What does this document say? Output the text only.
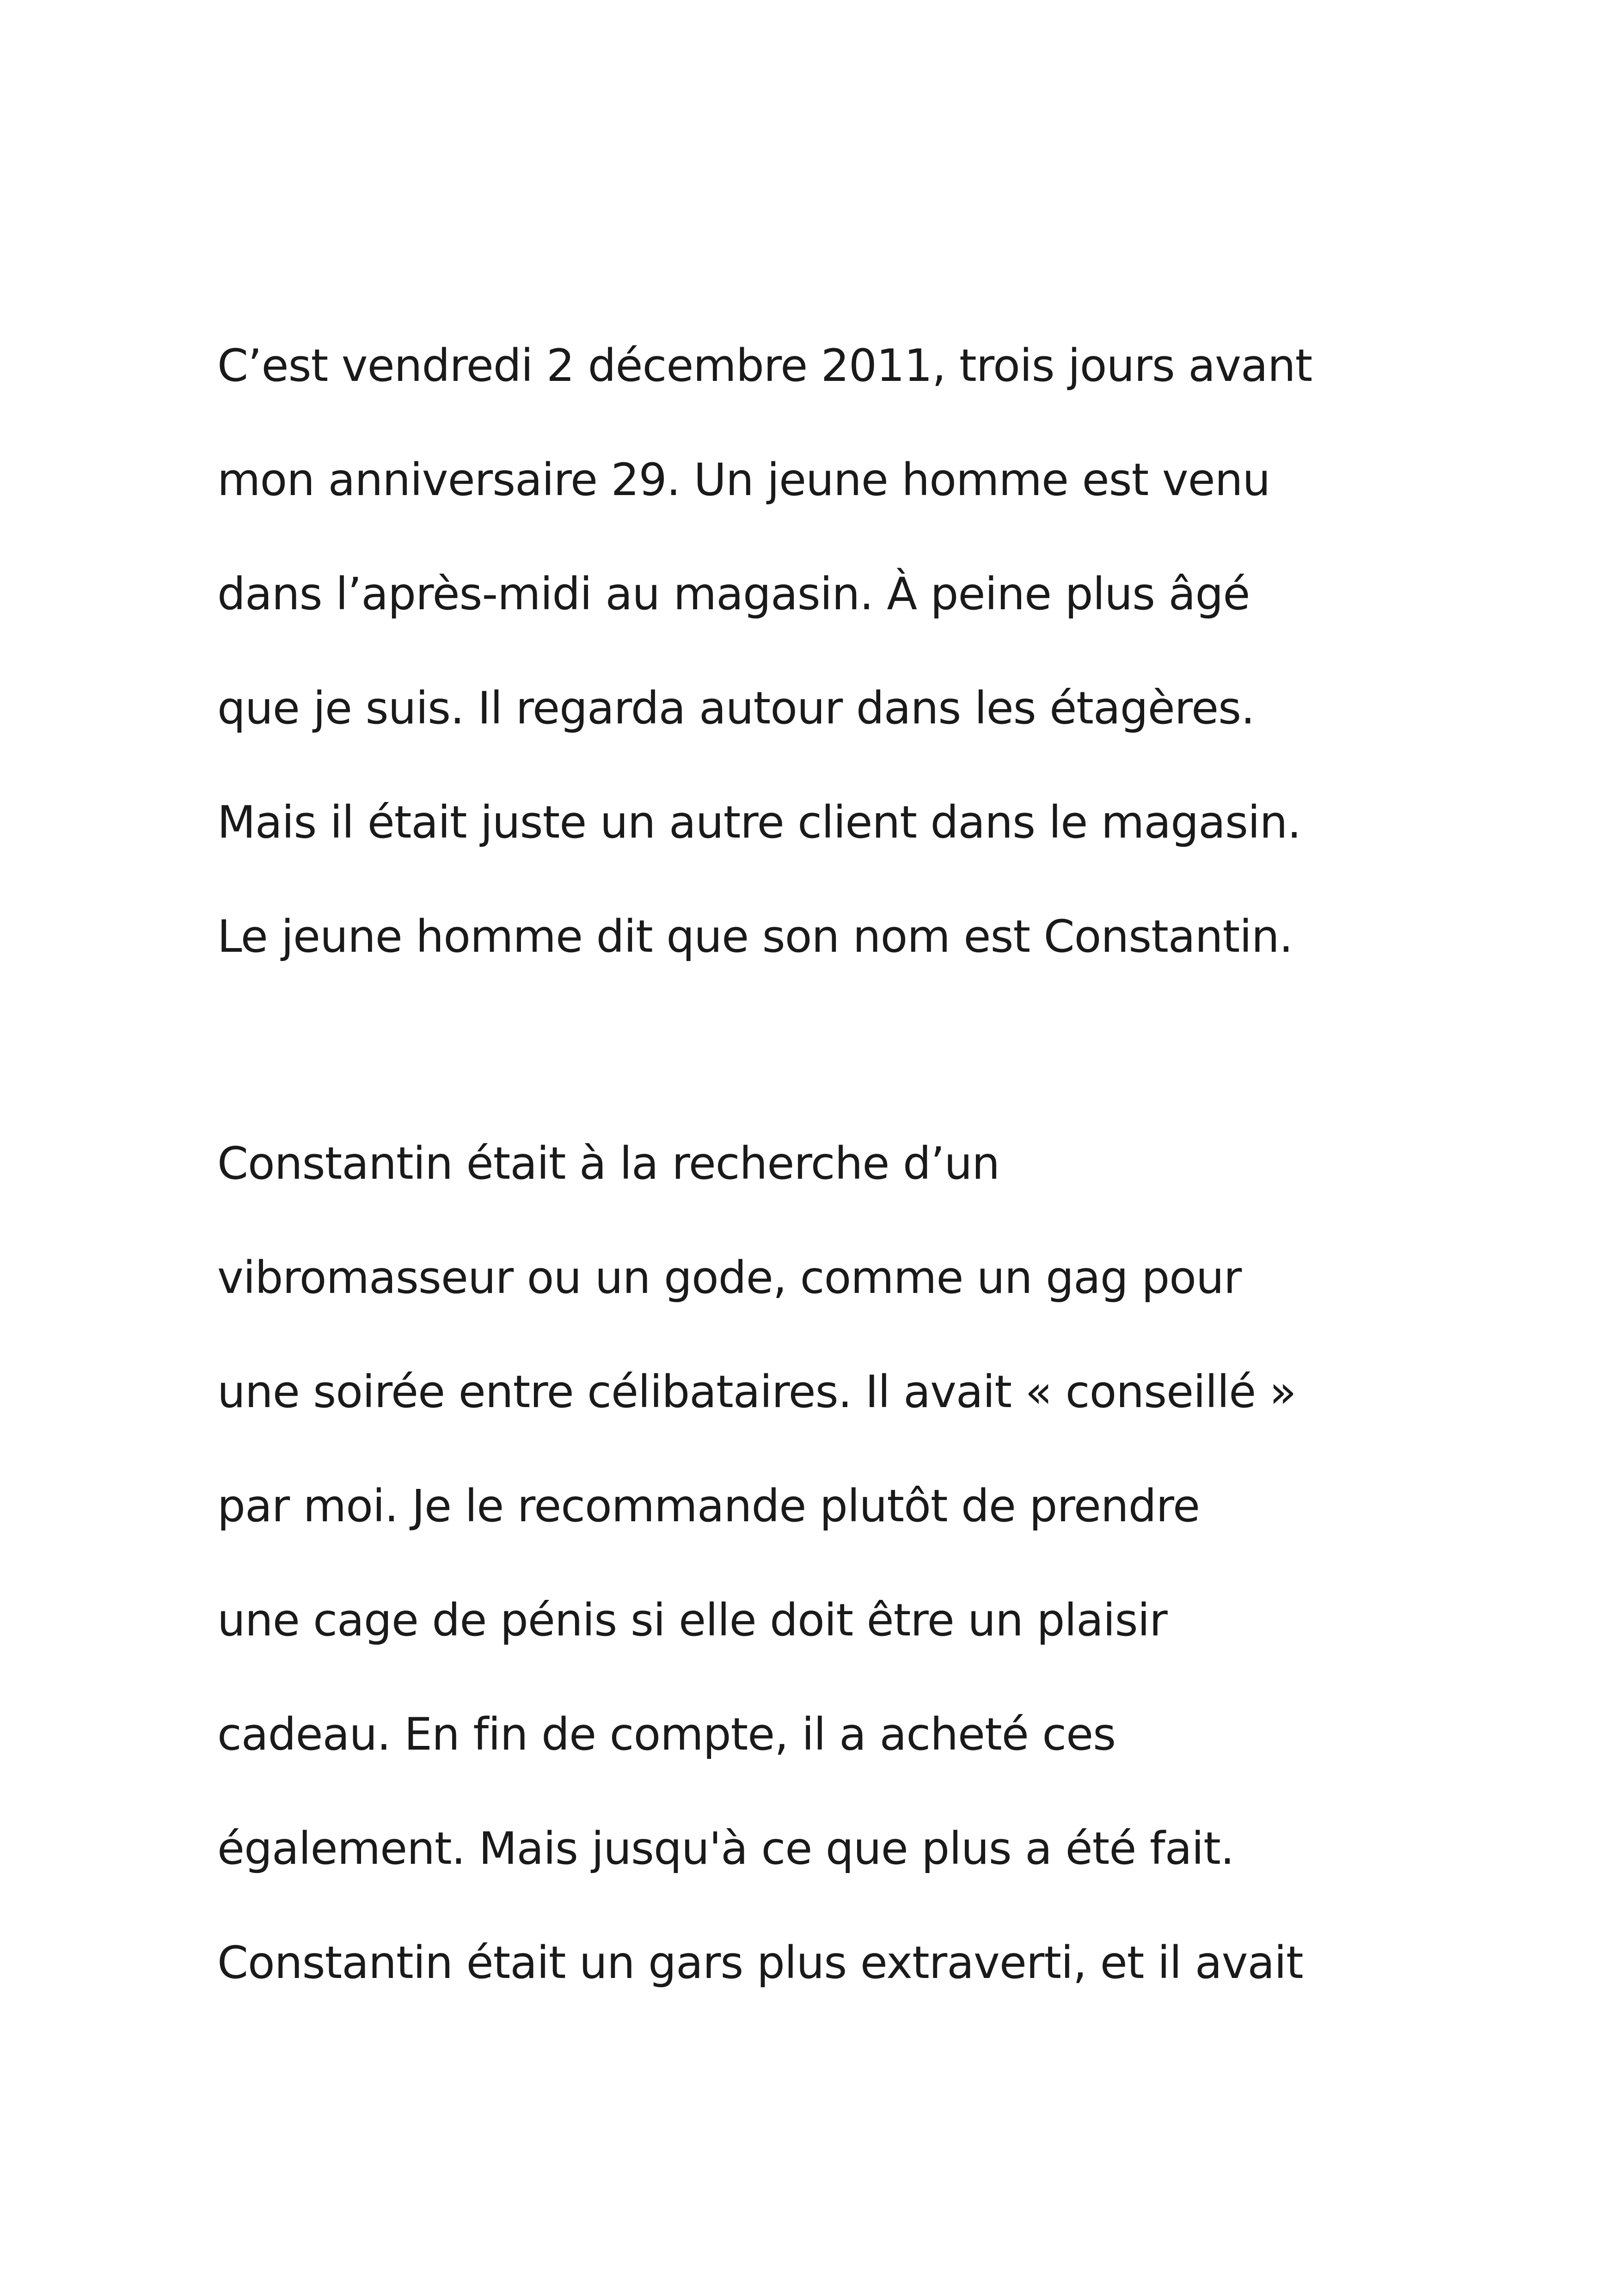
C’est vendredi 2 décembre 2011, trois jours avant
mon anniversaire 29. Un jeune homme est venu
dans l’après-midi au magasin. À peine plus âgé
que je suis. Il regarda autour dans les étagères.
Mais il était juste un autre client dans le magasin.
Le jeune homme dit que son nom est Constantin.
Constantin était à la recherche d’un
vibromasseur ou un gode, comme un gag pour
une soirée entre célibataires. Il avait « conseillé »
par moi. Je le recommande plutôt de prendre
une cage de pénis si elle doit être un plaisir
cadeau. En fin de compte, il a acheté ces
également. Mais jusqu'à ce que plus a été fait.
Constantin était un gars plus extraverti, et il avait
